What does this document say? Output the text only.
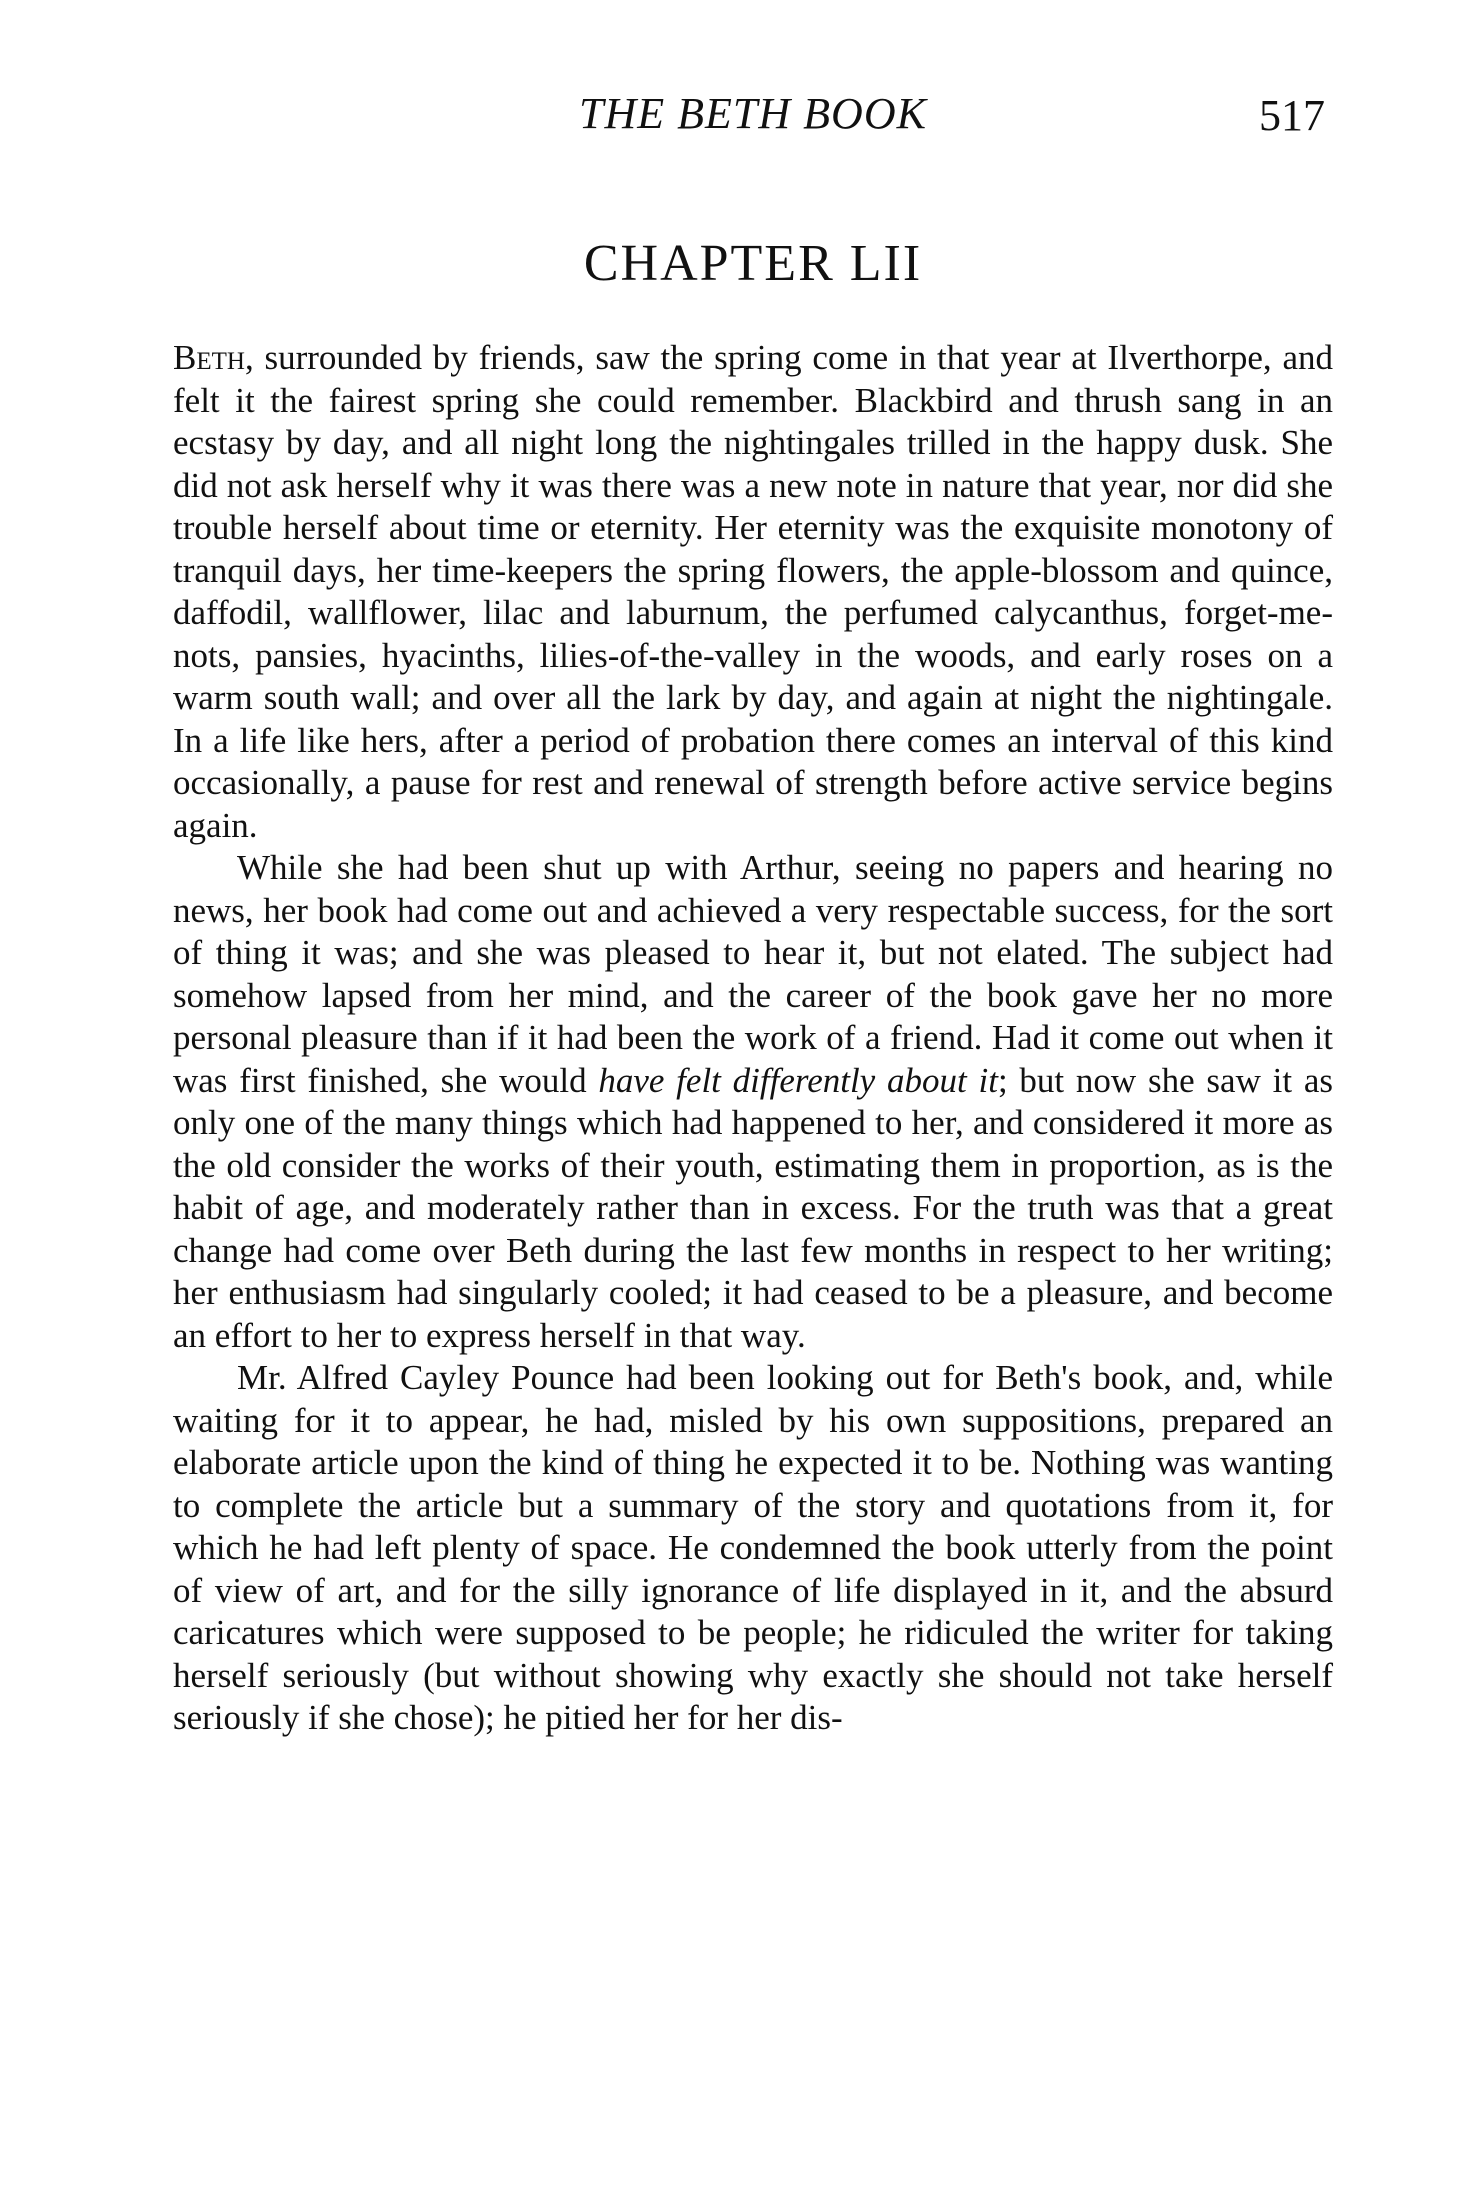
THE BETH BOOK	517
CHAPTER LII

Beth, surrounded by friends, saw the spring come in that year at Ilverthorpe, and felt it the fairest spring she could remember. Blackbird and thrush sang in an ecstasy by day, and all night long the nightingales trilled in the happy dusk. She did not ask herself why it was there was a new note in nature that year, nor did she trouble herself about time or eternity. Her eternity was the exquisite monotony of tranquil days, her time-keepers the spring flowers, the apple-blossom and quince, daffodil, wallflower, lilac and laburnum, the perfumed calycanthus, forget-me-nots, pansies, hyacinths, lilies-of-the-valley in the woods, and early roses on a warm south wall; and over all the lark by day, and again at night the nightingale. In a life like hers, after a period of probation there comes an interval of this kind occasionally, a pause for rest and renewal of strength before active service begins again.

While she had been shut up with Arthur, seeing no papers and hearing no news, her book had come out and achieved a very respectable success, for the sort of thing it was; and she was pleased to hear it, but not elated. The subject had somehow lapsed from her mind, and the career of the book gave her no more personal pleasure than if it had been the work of a friend. Had it come out when it was first finished, she would have felt differently about it; but now she saw it as only one of the many things which had happened to her, and considered it more as the old consider the works of their youth, estimating them in proportion, as is the habit of age, and moderately rather than in excess. For the truth was that a great change had come over Beth during the last few months in respect to her writing; her enthusiasm had singularly cooled; it had ceased to be a pleasure, and become an effort to her to express herself in that way.

Mr. Alfred Cayley Pounce had been looking out for Beth's book, and, while waiting for it to appear, he had, misled by his own suppositions, prepared an elaborate article upon the kind of thing he expected it to be. Nothing was wanting to complete the article but a summary of the story and quotations from it, for which he had left plenty of space. He condemned the book utterly from the point of view of art, and for the silly ignorance of life displayed in it, and the absurd caricatures which were supposed to be people; he ridiculed the writer for taking herself seriously (but without showing why exactly she should not take herself seriously if she chose); he pitied her for her dis-
